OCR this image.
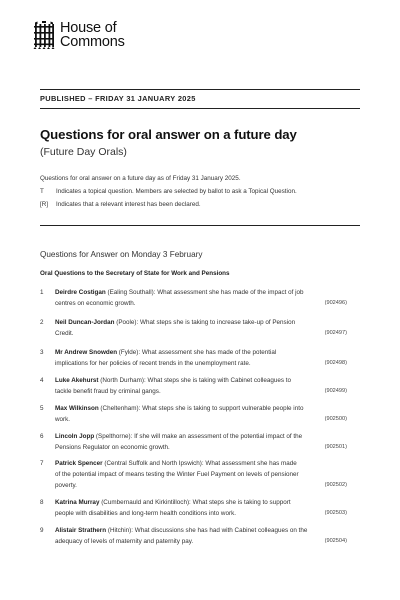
House of
Commons
PUBLISHED – FRIDAY 31 JANUARY 2025
Questions for oral answer on a future day
(Future Day Orals)
Questions for oral answer on a future day as of Friday 31 January 2025.
T Indicates a topical question. Members are selected by ballot to ask a Topical Question.
[R] Indicates that a relevant interest has been declared.
Questions for Answer on Monday 3 February
Oral Questions to the Secretary of State for Work and Pensions
1	Deirdre Costigan (Ealing Southall): What assessment she has made of the impact of job
centres on economic growth.	(902496)
2	Neil Duncan-Jordan (Poole): What steps she is taking to increase take-up of Pension
Credit.	(902497)
3	Mr Andrew Snowden (Fylde): What assessment she has made of the potential
implications for her policies of recent trends in the unemployment rate.	(902498)
4	Luke Akehurst (North Durham): What steps she is taking with Cabinet colleagues to
tackle benefit fraud by criminal gangs.	(902499)
5	Max Wilkinson (Cheltenham): What steps she is taking to support vulnerable people into
work.	(902500)
6	Lincoln Jopp (Spelthorne): If she will make an assessment of the potential impact of the
Pensions Regulator on economic growth.	(902501)
7	Patrick Spencer (Central Suffolk and North Ipswich): What assessment she has made
of the potential impact of means testing the Winter Fuel Payment on levels of pensioner
poverty.	(902502)
8	Katrina Murray (Cumbernauld and Kirkintilloch): What steps she is taking to support
people with disabilities and long-term health conditions into work.	(902503)
9	Alistair Strathern (Hitchin): What discussions she has had with Cabinet colleagues on the
adequacy of levels of maternity and paternity pay.	(902504)
